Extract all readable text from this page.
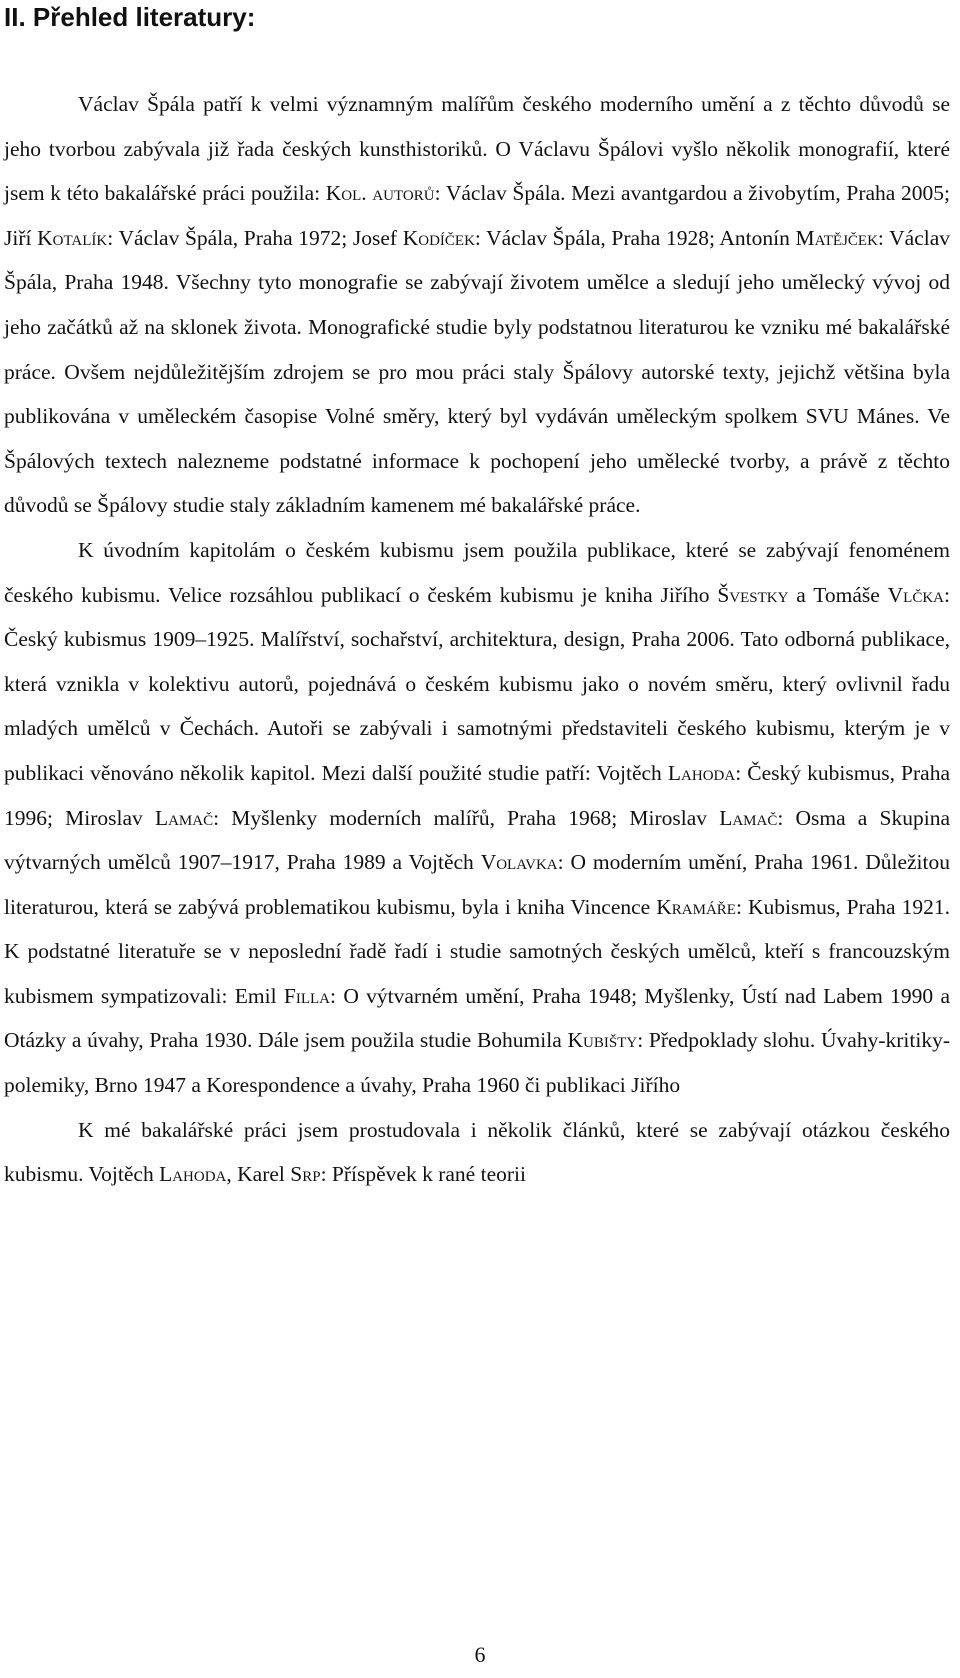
II. Přehled literatury:

Václav Špála patří k velmi významným malířům českého moderního umění a z těchto důvodů se jeho tvorbou zabývala již řada českých kunsthistoriků. O Václavu Špálovi vyšlo několik monografií, které jsem k této bakalářské práci použila: Kol. autorů: Václav Špála. Mezi avantgardou a živobytím, Praha 2005; Jiří Kotalík: Václav Špála, Praha 1972; Josef Kodíček: Václav Špála, Praha 1928; Antonín Matějček: Václav Špála, Praha 1948. Všechny tyto monografie se zabývají životem umělce a sledují jeho umělecký vývoj od jeho začátků až na sklonek života. Monografické studie byly podstatnou literaturou ke vzniku mé bakalářské práce. Ovšem nejdůležitějším zdrojem se pro mou práci staly Špálovy autorské texty, jejichž většina byla publikována v uměleckém časopise Volné směry, který byl vydáván uměleckým spolkem SVU Mánes. Ve Špálových textech nalezneme podstatné informace k pochopení jeho umělecké tvorby, a právě z těchto důvodů se Špálovy studie staly základním kamenem mé bakalářské práce.

K úvodním kapitolám o českém kubismu jsem použila publikace, které se zabývají fenoménem českého kubismu. Velice rozsáhlou publikací o českém kubismu je kniha Jiřího Švestky a Tomáše Vlčka: Český kubismus 1909–1925. Malířství, sochařství, architektura, design, Praha 2006. Tato odborná publikace, která vznikla v kolektivu autorů, pojednává o českém kubismu jako o novém směru, který ovlivnil řadu mladých umělců v Čechách. Autoři se zabývali i samotnými představiteli českého kubismu, kterým je v publikaci věnováno několik kapitol. Mezi další použité studie patří: Vojtěch Lahoda: Český kubismus, Praha 1996; Miroslav Lamač: Myšlenky moderních malířů, Praha 1968; Miroslav Lamač: Osma a Skupina výtvarných umělců 1907–1917, Praha 1989 a Vojtěch Volavka: O moderním umění, Praha 1961. Důležitou literaturou, která se zabývá problematikou kubismu, byla i kniha Vincence Kramáře: Kubismus, Praha 1921. K podstatné literatuře se v neposlední řadě řadí i studie samotných českých umělců, kteří s francouzským kubismem sympatizovali: Emil Filla: O výtvarném umění, Praha 1948; Myšlenky, Ústí nad Labem 1990 a Otázky a úvahy, Praha 1930. Dále jsem použila studie Bohumila Kubišty: Předpoklady slohu. Úvahy-kritiky-polemiky, Brno 1947 a Korespondence a úvahy, Praha 1960 či publikaci Jiřího

K mé bakalářské práci jsem prostudovala i několik článků, které se zabývají otázkou českého kubismu. Vojtěch Lahoda, Karel Srp: Příspěvek k rané teorii

6
